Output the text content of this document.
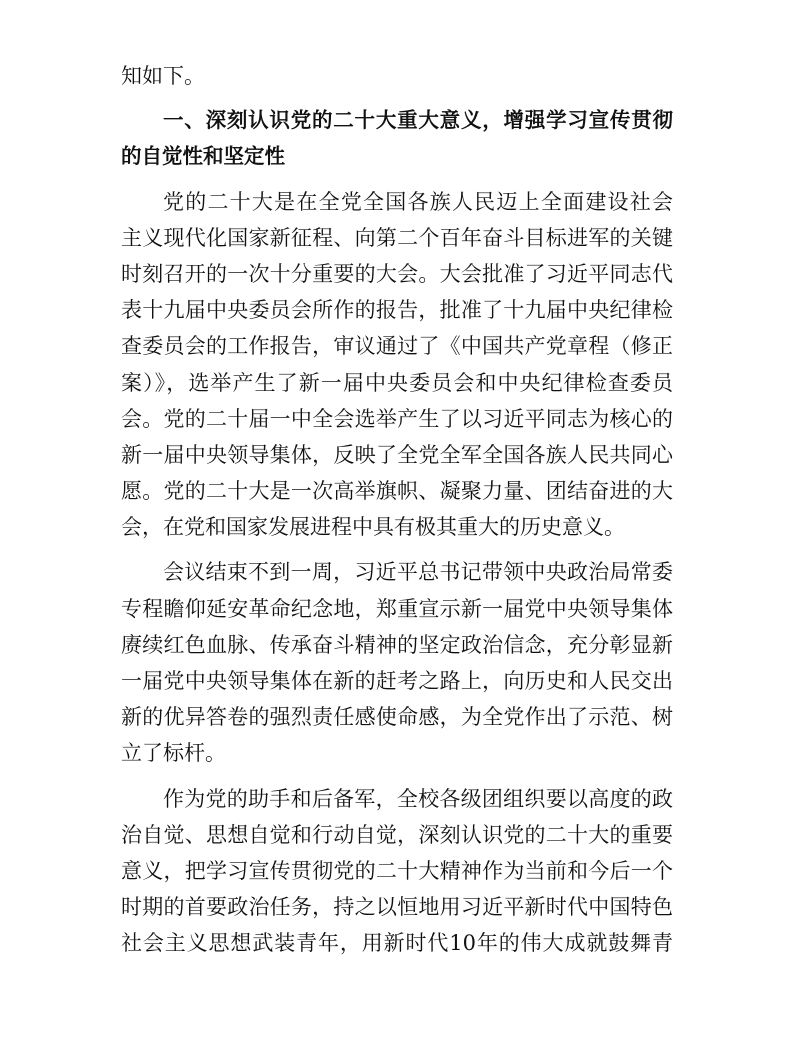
知如下。
一、深刻认识党的二十大重大意义，增强学习宣传贯彻
的自觉性和坚定性
党的二十大是在全党全国各族人民迈上全面建设社会
主义现代化国家新征程、向第二个百年奋斗目标进军的关键
时刻召开的一次十分重要的大会。大会批准了习近平同志代
表十九届中央委员会所作的报告，批准了十九届中央纪律检
查委员会的工作报告，审议通过了《中国共产党章程（修正
案）》，选举产生了新一届中央委员会和中央纪律检查委员
会。党的二十届一中全会选举产生了以习近平同志为核心的
新一届中央领导集体，反映了全党全军全国各族人民共同心
愿。党的二十大是一次高举旗帜、凝聚力量、团结奋进的大
会，在党和国家发展进程中具有极其重大的历史意义。
会议结束不到一周，习近平总书记带领中央政治局常委
专程瞻仰延安革命纪念地，郑重宣示新一届党中央领导集体
赓续红色血脉、传承奋斗精神的坚定政治信念，充分彰显新
一届党中央领导集体在新的赶考之路上，向历史和人民交出
新的优异答卷的强烈责任感使命感，为全党作出了示范、树
立了标杆。
作为党的助手和后备军，全校各级团组织要以高度的政
治自觉、思想自觉和行动自觉，深刻认识党的二十大的重要
意义，把学习宣传贯彻党的二十大精神作为当前和今后一个
时期的首要政治任务，持之以恒地用习近平新时代中国特色
社会主义思想武装青年，用新时代10年的伟大成就鼓舞青
